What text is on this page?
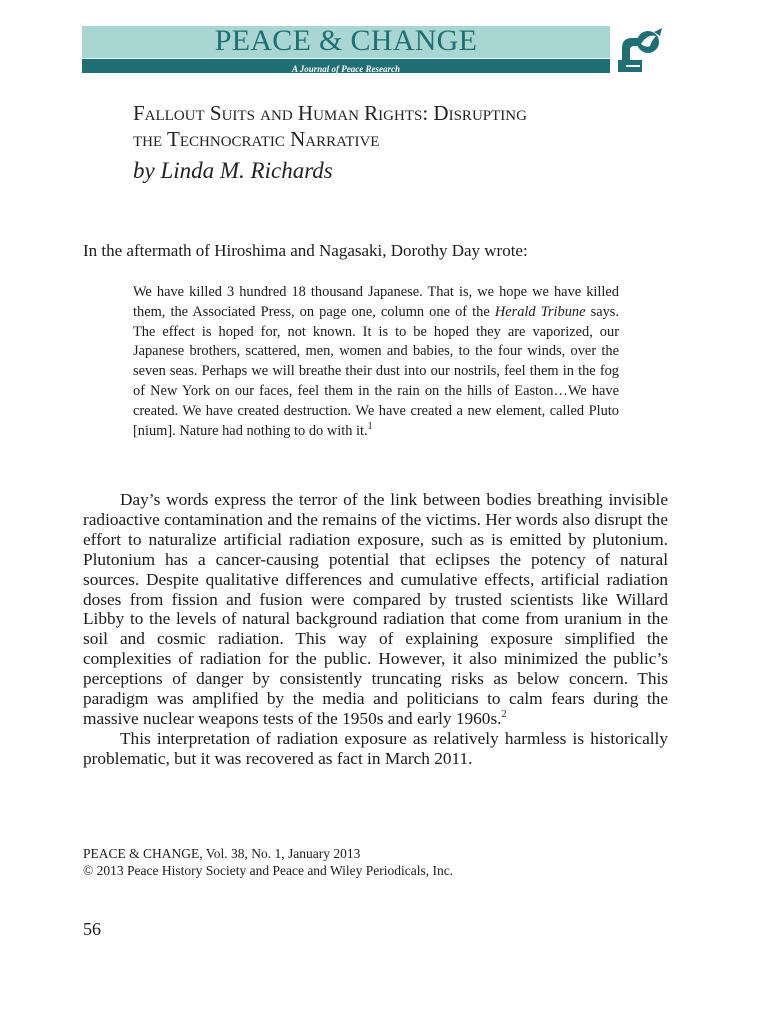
PEACE & CHANGE
A Journal of Peace Research
Fallout Suits and Human Rights: Disrupting
the Technocratic Narrative
by Linda M. Richards
In the aftermath of Hiroshima and Nagasaki, Dorothy Day wrote:

We have killed 3 hundred 18 thousand Japanese. That is, we hope we have killed them, the Associated Press, on page one, column one of the Herald Tribune says. The effect is hoped for, not known. It is to be hoped they are vaporized, our Japanese brothers, scattered, men, women and babies, to the four winds, over the seven seas. Perhaps we will breathe their dust into our nostrils, feel them in the fog of New York on our faces, feel them in the rain on the hills of Easton…We have created. We have created destruction. We have created a new element, called Pluto [nium]. Nature had nothing to do with it.$^1$

Day’s words express the terror of the link between bodies breathing invisible radioactive contamination and the remains of the victims. Her words also disrupt the effort to naturalize artificial radiation exposure, such as is emitted by plutonium. Plutonium has a cancer-causing potential that eclipses the potency of natural sources. Despite qualitative differences and cumulative effects, artificial radiation doses from fission and fusion were compared by trusted scientists like Willard Libby to the levels of natural background radiation that come from uranium in the soil and cosmic radiation. This way of explaining exposure simplified the complexities of radiation for the public. However, it also minimized the public’s perceptions of danger by consistently truncating risks as below concern. This paradigm was amplified by the media and politicians to calm fears during the massive nuclear weapons tests of the 1950s and early 1960s.$^2$

This interpretation of radiation exposure as relatively harmless is historically problematic, but it was recovered as fact in March 2011.

PEACE & CHANGE, Vol. 38, No. 1, January 2013
© 2013 Peace History Society and Peace and Wiley Periodicals, Inc.
56
